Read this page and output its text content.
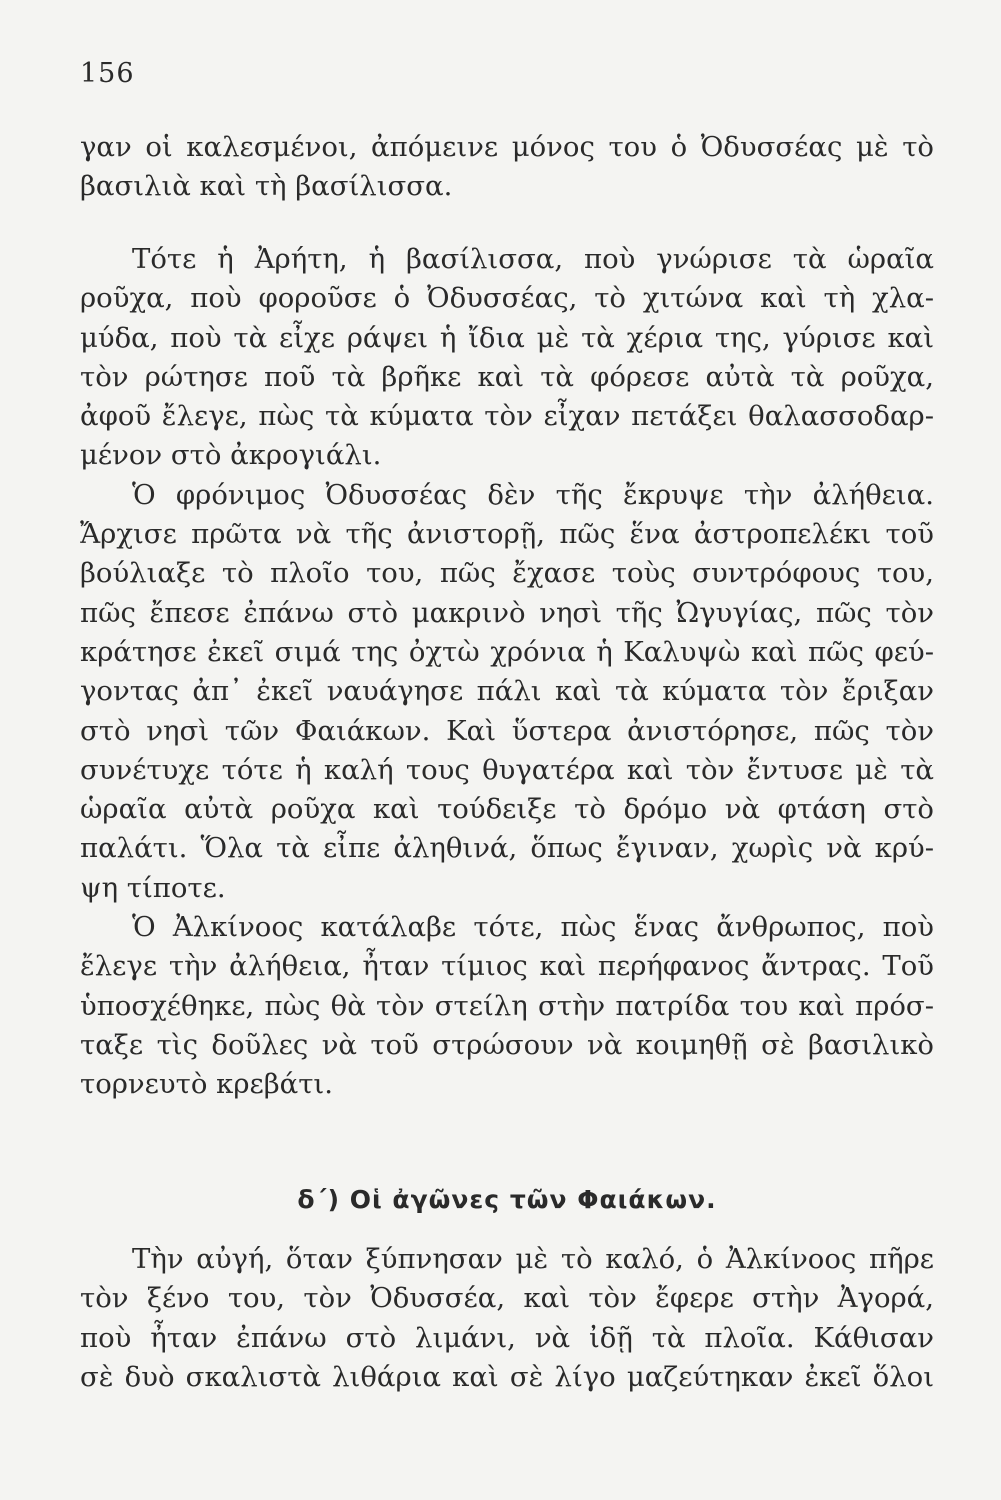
156
γαν οἱ καλεσμένοι, ἀπόμεινε μόνος του ὁ Ὀδυσσέας μὲ τὸ
βασιλιὰ καὶ τὴ βασίλισσα.
Τότε ἡ Ἀρήτη, ἡ βασίλισσα, ποὺ γνώρισε τὰ ὡραῖα
ροῦχα, ποὺ φοροῦσε ὁ Ὀδυσσέας, τὸ χιτώνα καὶ τὴ χλα-
μύδα, ποὺ τὰ εἶχε ράψει ἡ ἴδια μὲ τὰ χέρια της, γύρισε καὶ
τὸν ρώτησε ποῦ τὰ βρῆκε καὶ τὰ φόρεσε αὐτὰ τὰ ροῦχα,
ἀφοῦ ἔλεγε, πὼς τὰ κύματα τὸν εἶχαν πετάξει θαλασσοδαρ-
μένον στὸ ἀκρογιάλι.
Ὁ φρόνιμος Ὀδυσσέας δὲν τῆς ἔκρυψε τὴν ἀλήθεια.
Ἄρχισε πρῶτα νὰ τῆς ἀνιστορῇ, πῶς ἕνα ἀστροπελέκι τοῦ
βούλιαξε τὸ πλοῖο του, πῶς ἔχασε τοὺς συντρόφους του,
πῶς ἔπεσε ἐπάνω στὸ μακρινὸ νησὶ τῆς Ὠγυγίας, πῶς τὸν
κράτησε ἐκεῖ σιμά της ὀχτὼ χρόνια ἡ Καλυψὼ καὶ πῶς φεύ-
γοντας ἀπ᾽ ἐκεῖ ναυάγησε πάλι καὶ τὰ κύματα τὸν ἔριξαν
στὸ νησὶ τῶν Φαιάκων. Καὶ ὕστερα ἀνιστόρησε, πῶς τὸν
συνέτυχε τότε ἡ καλή τους θυγατέρα καὶ τὸν ἔντυσε μὲ τὰ
ὡραῖα αὐτὰ ροῦχα καὶ τούδειξε τὸ δρόμο νὰ φτάση στὸ
παλάτι. Ὅλα τὰ εἶπε ἀληθινά, ὅπως ἔγιναν, χωρὶς νὰ κρύ-
ψη τίποτε.
Ὁ Ἀλκίνοος κατάλαβε τότε, πὼς ἕνας ἄνθρωπος, ποὺ
ἔλεγε τὴν ἀλήθεια, ἦταν τίμιος καὶ περήφανος ἄντρας. Τοῦ
ὑποσχέθηκε, πὼς θὰ τὸν στείλη στὴν πατρίδα του καὶ πρόσ-
ταξε τὶς δοῦλες νὰ τοῦ στρώσουν νὰ κοιμηθῇ σὲ βασιλικὸ
τορνευτὸ κρεβάτι.
δ΄) Οἱ ἀγῶνες τῶν Φαιάκων.
Τὴν αὐγή, ὅταν ξύπνησαν μὲ τὸ καλό, ὁ Ἀλκίνοος πῆρε
τὸν ξένο του, τὸν Ὀδυσσέα, καὶ τὸν ἔφερε στὴν Ἀγορά,
ποὺ ἦταν ἐπάνω στὸ λιμάνι, νὰ ἰδῇ τὰ πλοῖα. Κάθισαν
σὲ δυὸ σκαλιστὰ λιθάρια καὶ σὲ λίγο μαζεύτηκαν ἐκεῖ ὅλοι
